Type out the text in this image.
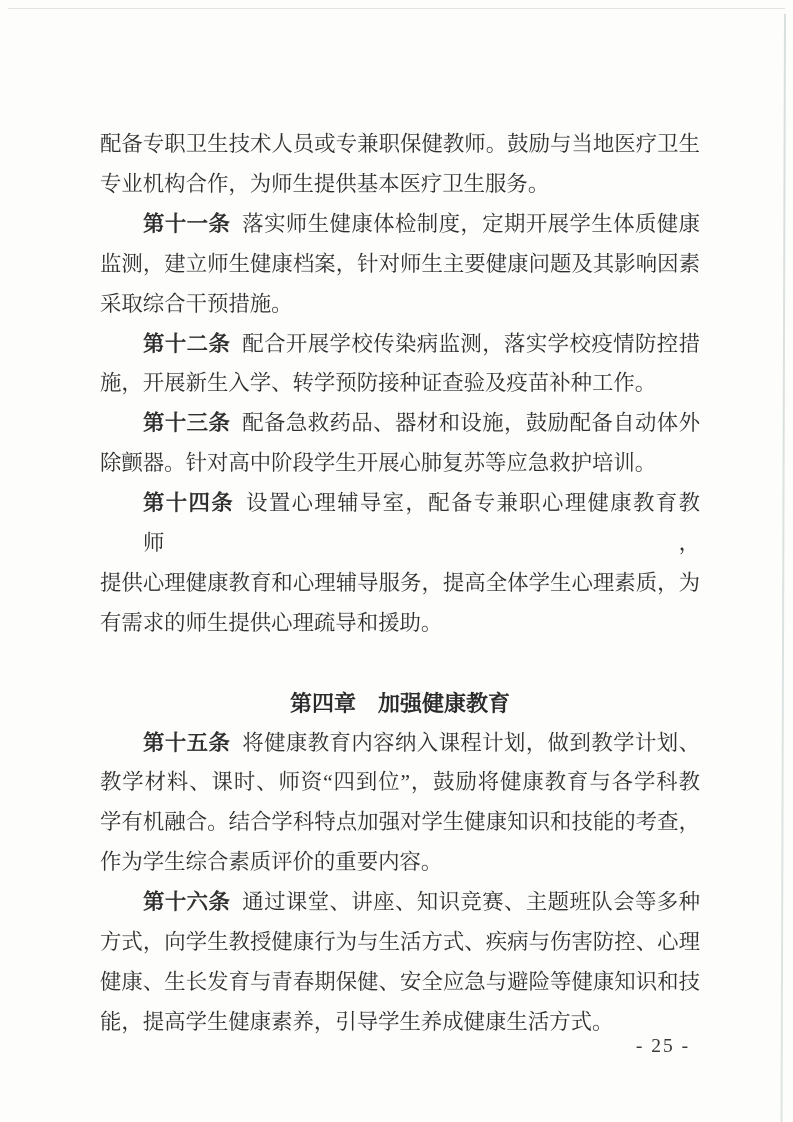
配备专职卫生技术人员或专兼职保健教师。鼓励与当地医疗卫生
专业机构合作，为师生提供基本医疗卫生服务。
第十一条 落实师生健康体检制度，定期开展学生体质健康
监测，建立师生健康档案，针对师生主要健康问题及其影响因素
采取综合干预措施。
第十二条 配合开展学校传染病监测，落实学校疫情防控措
施，开展新生入学、转学预防接种证查验及疫苗补种工作。
第十三条 配备急救药品、器材和设施，鼓励配备自动体外
除颤器。针对高中阶段学生开展心肺复苏等应急救护培训。
第十四条 设置心理辅导室，配备专兼职心理健康教育教师，
提供心理健康教育和心理辅导服务，提高全体学生心理素质，为
有需求的师生提供心理疏导和援助。
第四章　加强健康教育
第十五条 将健康教育内容纳入课程计划，做到教学计划、
教学材料、课时、师资“四到位”，鼓励将健康教育与各学科教
学有机融合。结合学科特点加强对学生健康知识和技能的考查，
作为学生综合素质评价的重要内容。
第十六条 通过课堂、讲座、知识竞赛、主题班队会等多种
方式，向学生教授健康行为与生活方式、疾病与伤害防控、心理
健康、生长发育与青春期保健、安全应急与避险等健康知识和技
能，提高学生健康素养，引导学生养成健康生活方式。
- 25 -
